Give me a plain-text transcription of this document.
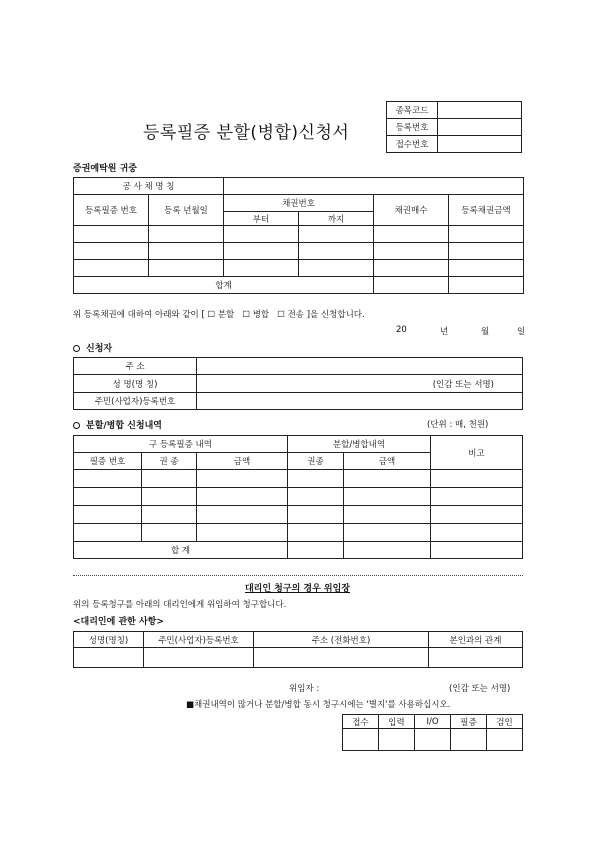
등록필증 분할(병합)신청서
종목코드	
등록번호	
접수번호	
증권예탁원 귀중
공 사 채 명 칭					
등록필증 번호	등록 년월일	채권번호		채권매수	등록채권금액
		부터	까지		

합계					
위 등록채권에 대하여 아래와 같이 [ ☐ 분할 ☐ 병합 ☐ 전송 ]을 신청합니다.
20	년	월	일
신청자
주 소	
성 명(명 칭)	(인감 또는 서명)
주민(사업자)등록번호	
분할/병합 신청내역	(단위 : 매, 천원)
구 등록필증 내역			분할/병합내역		비고
필증 번호	권 종	금액	권종	금액	

합 계					
대리인 청구의 경우 위임장
위의 등록청구를 아래의 대리인에게 위임하여 청구합니다.
<대리인에 관한 사항>
성명(명칭)	주민(사업자)등록번호	주소 (전화번호)	본인과의 관계

위임자 :	(인감 또는 서명)
■채권내역이 많거나 분할/병합 동시 청구시에는 '별지'를 사용하십시오.
접수	입력	I/O	필증	검인
